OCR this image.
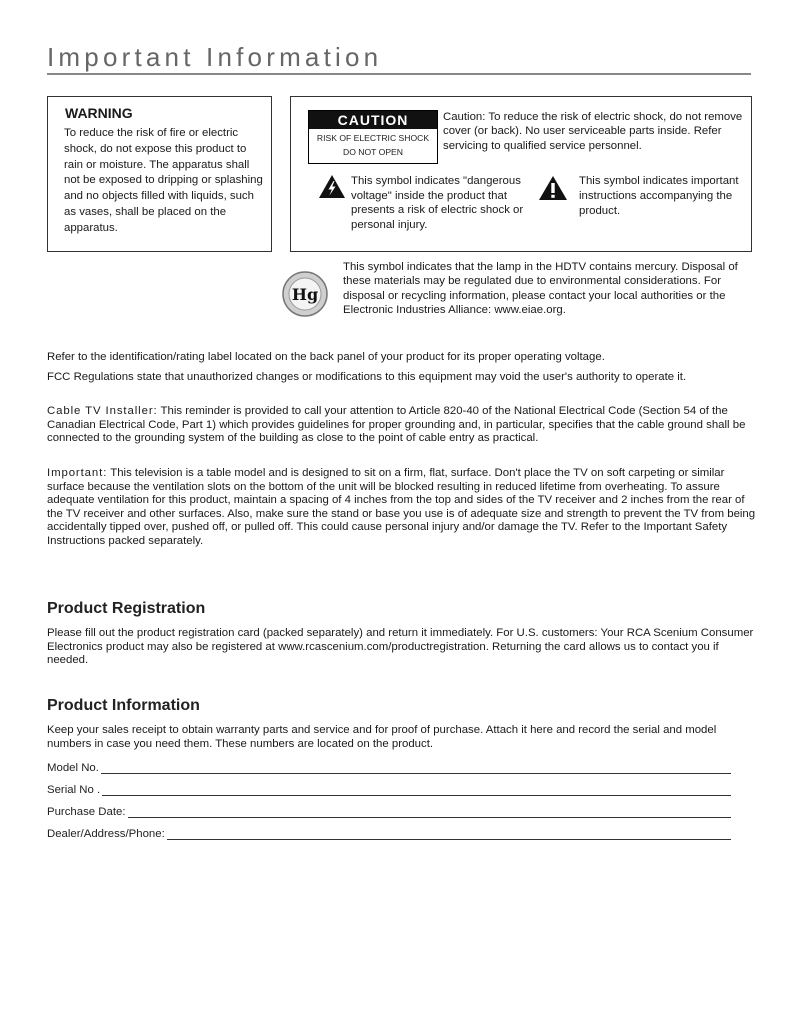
Important Information

WARNING

To reduce the risk of fire or electric shock, do not expose this product to rain or moisture. The apparatus shall not be exposed to dripping or splashing and no objects filled with liquids, such as vases, shall be placed on the apparatus.
CAUTION
RISK OF ELECTRIC SHOCK
DO NOT OPEN
Caution: To reduce the risk of electric shock, do not remove cover (or back). No user serviceable parts inside. Refer servicing to qualified service personnel.
This symbol indicates "dangerous voltage" inside the product that presents a risk of electric shock or personal injury.
This symbol indicates important instructions accompanying the product.
Hg
This symbol indicates that the lamp in the HDTV contains mercury. Disposal of these materials may be regulated due to environmental considerations. For disposal or recycling information, please contact your local authorities or the Electronic Industries Alliance: www.eiae.org.

Refer to the identification/rating label located on the back panel of your product for its proper operating voltage.

FCC Regulations state that unauthorized changes or modifications to this equipment may void the user's authority to operate it.

Cable TV Installer: This reminder is provided to call your attention to Article 820-40 of the National Electrical Code (Section 54 of the Canadian Electrical Code, Part 1) which provides guidelines for proper grounding and, in particular, specifies that the cable ground shall be connected to the grounding system of the building as close to the point of cable entry as practical.

Important: This television is a table model and is designed to sit on a firm, flat, surface. Don't place the TV on soft carpeting or similar surface because the ventilation slots on the bottom of the unit will be blocked resulting in reduced lifetime from overheating. To assure adequate ventilation for this product, maintain a spacing of 4 inches from the top and sides of the TV receiver and 2 inches from the rear of the TV receiver and other surfaces. Also, make sure the stand or base you use is of adequate size and strength to prevent the TV from being accidentally tipped over, pushed off, or pulled off. This could cause personal injury and/or damage the TV. Refer to the Important Safety Instructions packed separately.

Product Registration

Please fill out the product registration card (packed separately) and return it immediately. For U.S. customers: Your RCA Scenium Consumer Electronics product may also be registered at www.rcascenium.com/productregistration. Returning the card allows us to contact you if needed.

Product Information

Keep your sales receipt to obtain warranty parts and service and for proof of purchase. Attach it here and record the serial and model numbers in case you need them. These numbers are located on the product.

Model No.
Serial No .
Purchase Date:
Dealer/Address/Phone:
